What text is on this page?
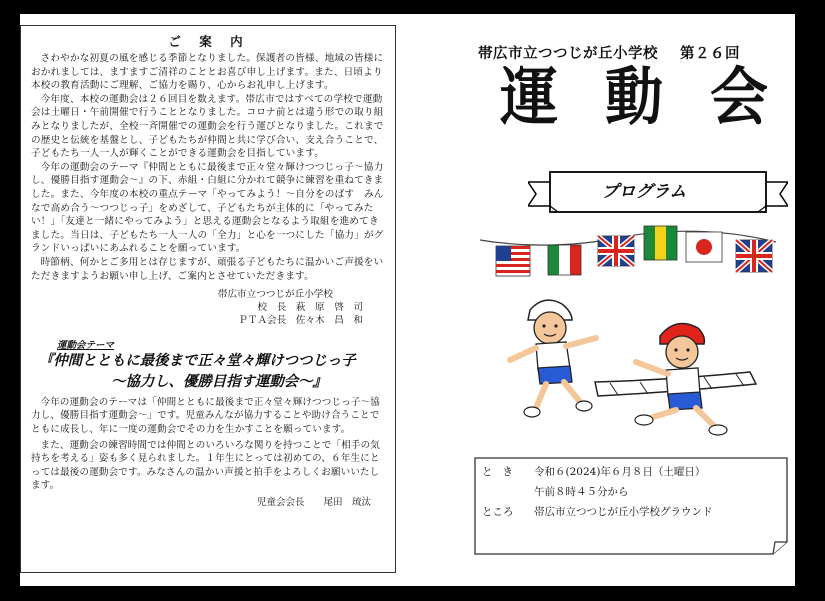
ご 案 内

さわやかな初夏の風を感じる季節となりました。保護者の皆様、地域の皆様におかれましては、ますますご清祥のこととお喜び申し上げます。また、日頃より本校の教育活動にご理解、ご協力を賜り、心からお礼申し上げます。

今年度、本校の運動会は２６回目を数えます。帯広市ではすべての学校で運動会は土曜日・午前開催で行うこととなりました。コロナ前とは違う形での取り組みとなりましたが、全校一斉開催での運動会を行う運びとなりました。これまでの歴史と伝統を基盤とし、子どもたちが仲間と共に学び合い、支え合うことで、子どもたち一人一人が輝くことができる運動会を目指しています。

今年の運動会のテーマ『仲間とともに最後まで正々堂々輝けつつじっ子～協力し、優勝目指す運動会～』の下、赤組・白組に分かれて競争に練習を重ねてきました。また、今年度の本校の重点テーマ「やってみよう！～自分をのばす　みんなで高め合う～つつじっ子」をめざして、子どもたちが主体的に「やってみたい！」「友達と一緒にやってみよう」と思える運動会となるよう取組を進めてきました。当日は、子どもたち一人一人の「全力」と心を一つにした「協力」がグランドいっぱいにあふれることを願っています。

時節柄、何かとご多用とは存じますが、頑張る子どもたちに温かいご声援をいただきますようお願い申し上げ、ご案内とさせていただきます。

帯広市立つつじが丘小学校

校　長　萩　原　啓　司

ＰＴＡ会長　佐々木　昌　和

運動会テーマ

『仲間とともに最後まで正々堂々輝けつつじっ子

～協力し、優勝目指す運動会～』

今年の運動会のテーマは「仲間とともに最後まで正々堂々輝けつつじっ子～協力し、優勝目指す運動会～」です。児童みんなが協力することや助け合うことでともに成長し、年に一度の運動会でその力を生かすことを願っています。

また、運動会の練習時間では仲間とのいろいろな関りを持つことで「相手の気持ちを考える」姿も多く見られました。１年生にとっては初めての、６年生にとっては最後の運動会です。みなさんの温かい声援と拍手をよろしくお願いいたします。

児童会会長　　尾田　琉汰

帯広市立つつじが丘小学校 第２６回
運 動 会
プログラム
とき	令和６(2024)年６月８日（土曜日）
午前８時４５分から
ところ	帯広市立つつじが丘小学校グラウンド
